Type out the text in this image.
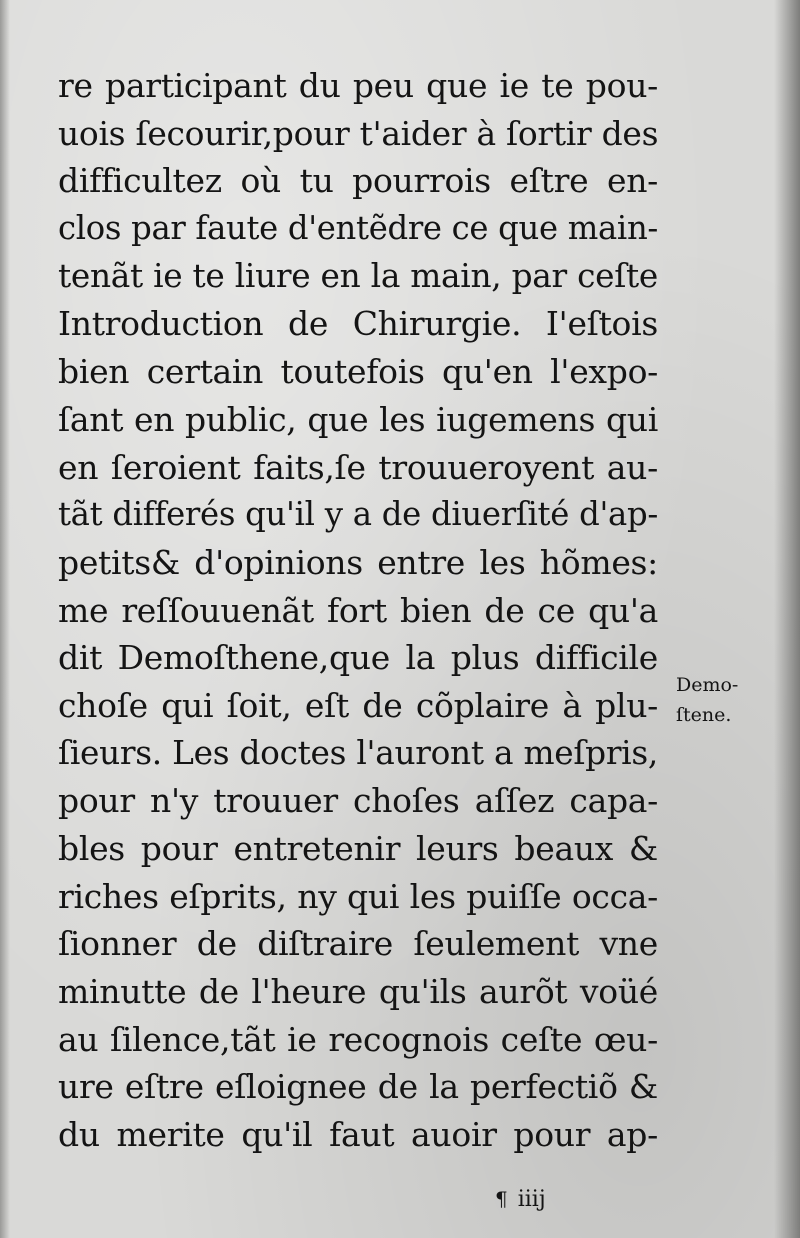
re participant du peu que ie te pou-
uois ſecourir,pour t'aider à ſortir des
difficultez où tu pourrois eſtre en-
clos par faute d'entẽdre ce que main-
tenãt ie te liure en la main, par ceſte
Introduction de Chirurgie. I'eſtois
bien certain toutefois qu'en l'expo-
ſant en public, que les iugemens qui
en ſeroient faits,ſe trouueroyent au-
tãt differés qu'il y a de diuerſité d'ap-
petits& d'opinions entre les hõmes:
me reſſouuenãt fort bien de ce qu'a
dit Demoſthene,que la plus difficile
choſe qui ſoit, eſt de cõplaire à plu-
ſieurs. Les doctes l'auront a meſpris,
pour n'y trouuer choſes aſſez capa-
bles pour entretenir leurs beaux &
riches eſprits, ny qui les puiſſe occa-
ſionner de diſtraire ſeulement vne
minutte de l'heure qu'ils aurõt voüé
au ſilence,tãt ie recognois ceſte œu-
ure eſtre eſloignee de la perfectiõ &
du merite qu'il faut auoir pour ap-
Demo-
ſtene.
¶ iiij
